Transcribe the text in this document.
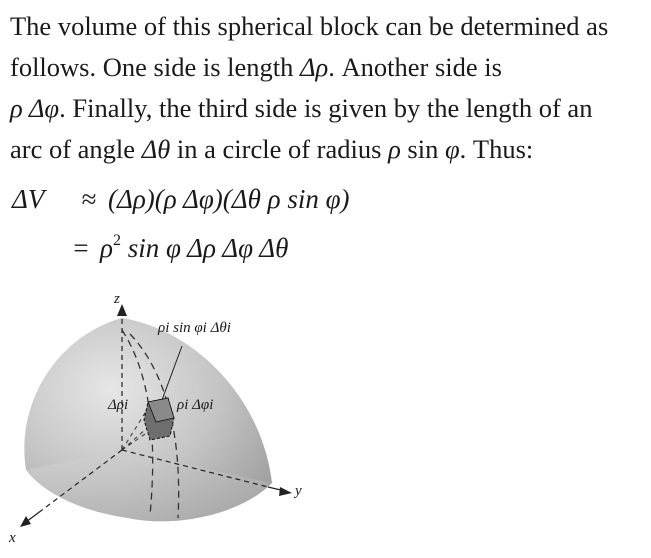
The volume of this spherical block can be determined as
follows. One side is length Δρ. Another side is
ρ Δφ. Finally, the third side is given by the length of an
arc of angle Δθ in a circle of radius ρ sin φ. Thus:
ΔV ≈ (Δρ)(ρ Δφ)(Δθ ρ sin φ)
= $\rho^2$ sin φ Δρ Δφ Δθ
z
y
x
ρi sin φi Δθi
Δρi	ρi Δφi
